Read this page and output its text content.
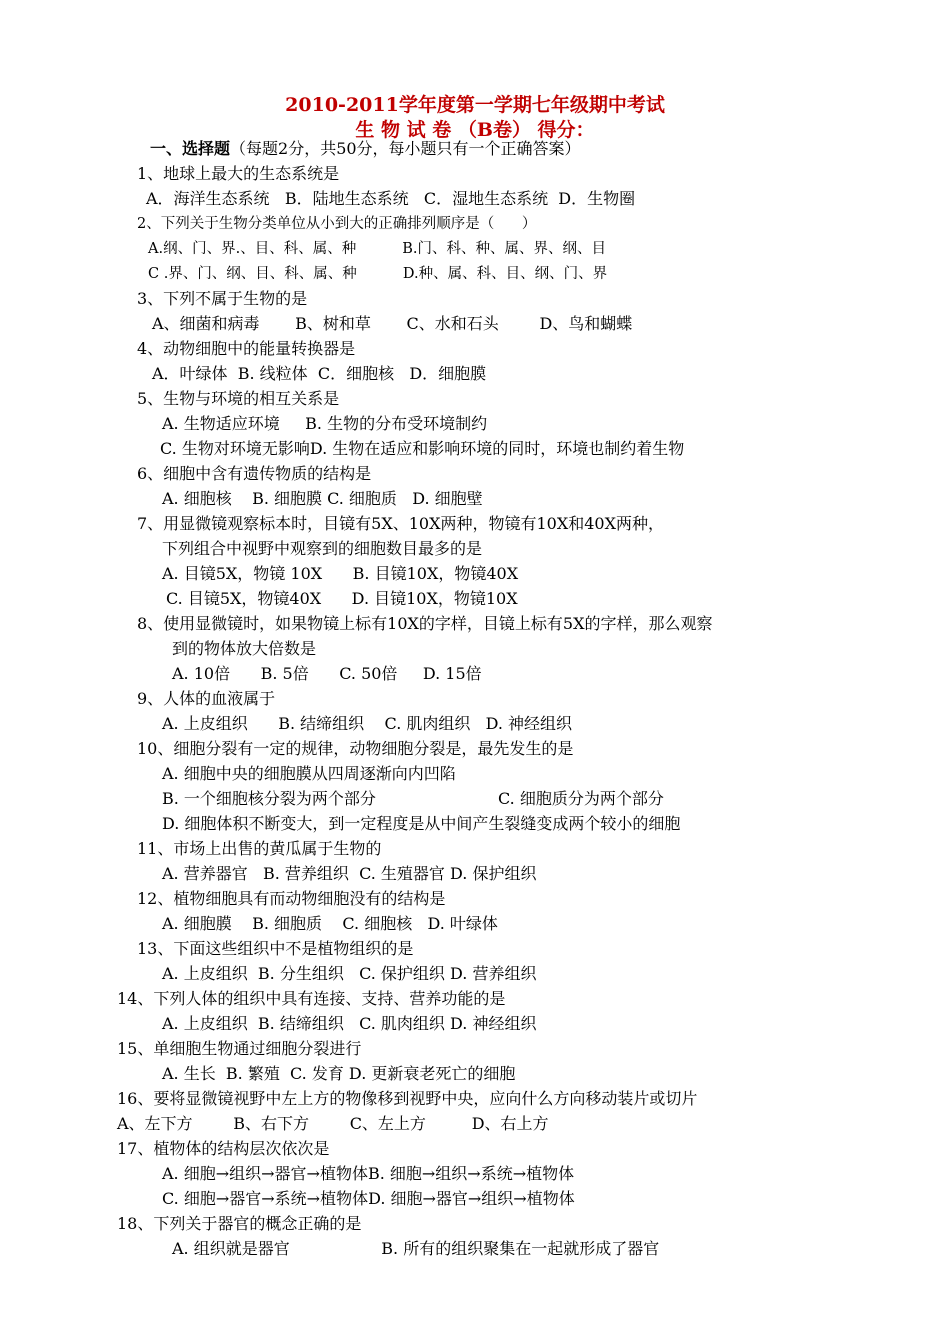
2010-2011学年度第一学期七年级期中考试
生 物 试 卷 （B卷） 得分：
一、选择题（每题2分，共50分，每小题只有一个正确答案）
1、地球上最大的生态系统是
A．海洋生态系统   B．陆地生态系统   C．湿地生态系统  D．生物圈
2、下列关于生物分类单位从小到大的正确排列顺序是（      ）
A.纲、门、界.、目、科、属、种          B.门、科、种、属、界、纲、目
C .界、门、纲、目、科、属、种          D.种、属、科、目、纲、门、界
3、下列不属于生物的是
A、细菌和病毒       B、树和草       C、水和石头        D、鸟和蝴蝶
4、动物细胞中的能量转换器是
A．叶绿体  B. 线粒体  C．细胞核   D．细胞膜
5、生物与环境的相互关系是
A. 生物适应环境     B. 生物的分布受环境制约
C. 生物对环境无影响D. 生物在适应和影响环境的同时，环境也制约着生物
6、细胞中含有遗传物质的结构是
A. 细胞核    B. 细胞膜 C. 细胞质   D. 细胞壁
7、用显微镜观察标本时，目镜有5X、10X两种，物镜有10X和40X两种，
下列组合中视野中观察到的细胞数目最多的是
A. 目镜5X，物镜 10X      B. 目镜10X，物镜40X
C. 目镜5X，物镜40X      D. 目镜10X，物镜10X
8、使用显微镜时，如果物镜上标有10X的字样，目镜上标有5X的字样，那么观察
到的物体放大倍数是
A. 10倍      B. 5倍      C. 50倍     D. 15倍
9、人体的血液属于
A. 上皮组织      B. 结缔组织    C. 肌肉组织   D. 神经组织
10、细胞分裂有一定的规律，动物细胞分裂是，最先发生的是
A. 细胞中央的细胞膜从四周逐渐向内凹陷
B. 一个细胞核分裂为两个部分                        C. 细胞质分为两个部分
D. 细胞体积不断变大，到一定程度是从中间产生裂缝变成两个较小的细胞
11、市场上出售的黄瓜属于生物的
A. 营养器官   B. 营养组织  C. 生殖器官 D. 保护组织
12、植物细胞具有而动物细胞没有的结构是
A. 细胞膜    B. 细胞质    C. 细胞核   D. 叶绿体
13、下面这些组织中不是植物组织的是
A. 上皮组织  B. 分生组织   C. 保护组织 D. 营养组织
14、下列人体的组织中具有连接、支持、营养功能的是
A. 上皮组织  B. 结缔组织   C. 肌肉组织 D. 神经组织
15、单细胞生物通过细胞分裂进行
A. 生长  B. 繁殖  C. 发育 D. 更新衰老死亡的细胞
16、要将显微镜视野中左上方的物像移到视野中央，应向什么方向移动装片或切片
A、左下方        B、右下方        C、左上方         D、右上方
17、植物体的结构层次依次是
A. 细胞→组织→器官→植物体B. 细胞→组织→系统→植物体
C. 细胞→器官→系统→植物体D. 细胞→器官→组织→植物体
18、下列关于器官的概念正确的是
A. 组织就是器官                  B. 所有的组织聚集在一起就形成了器官
